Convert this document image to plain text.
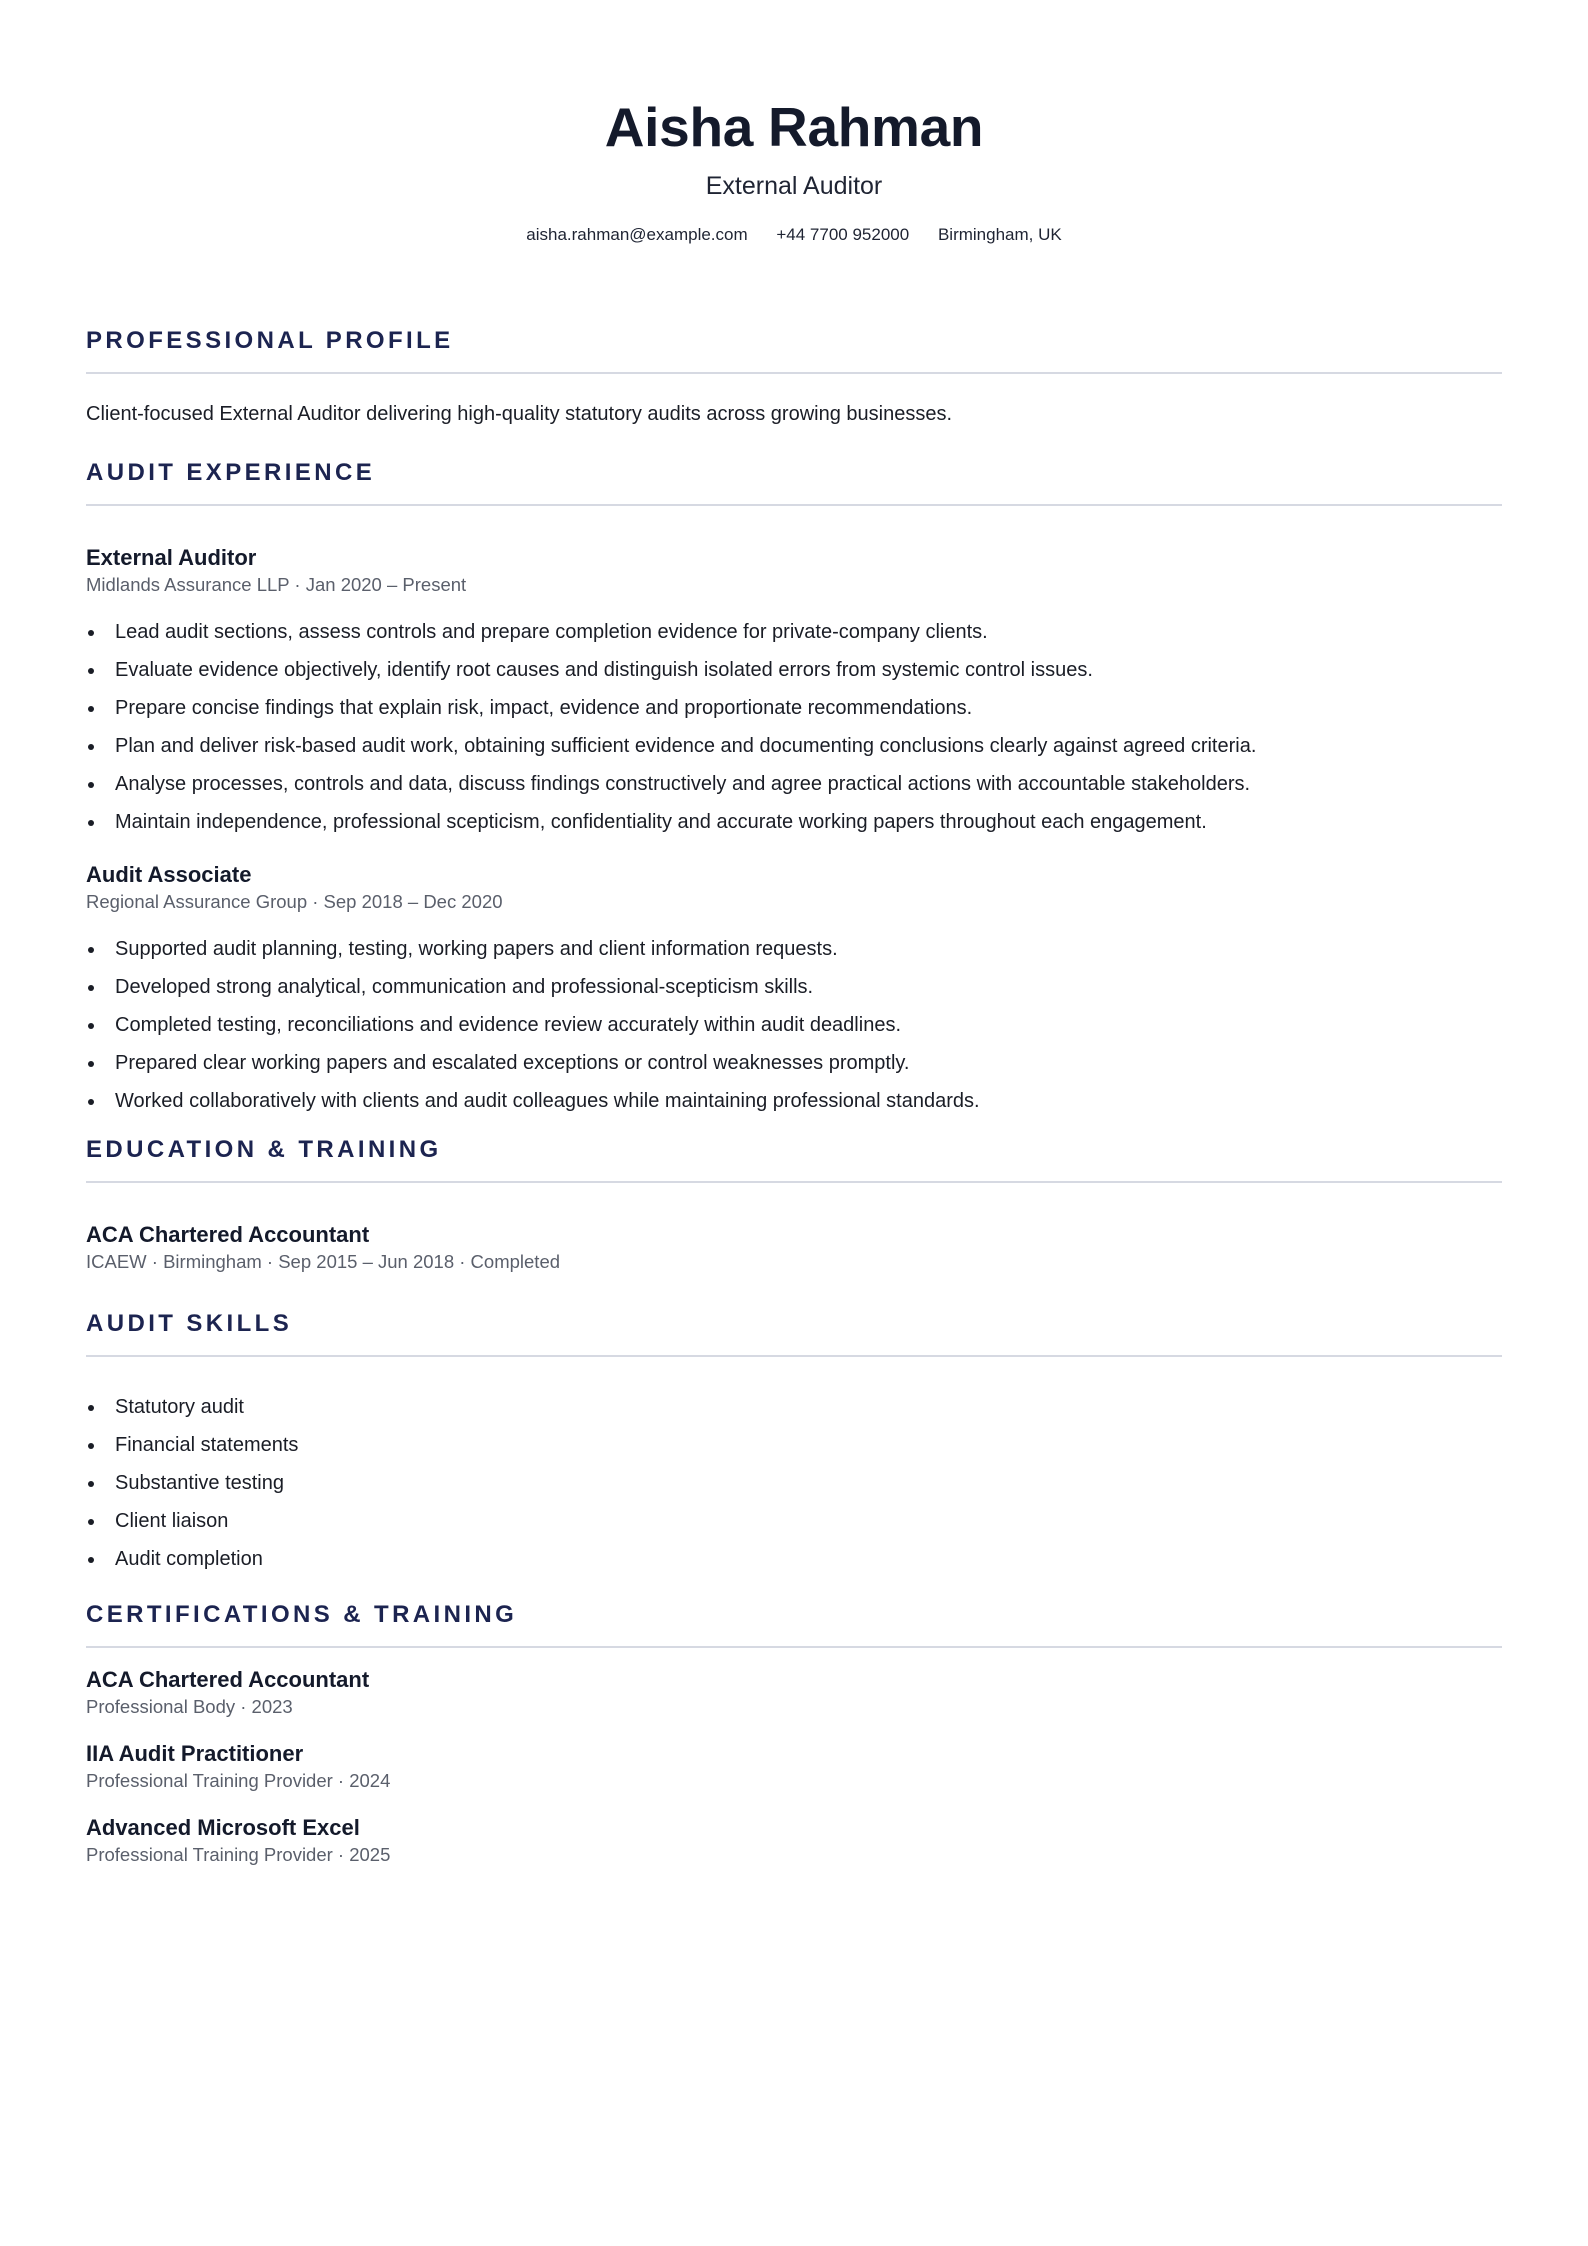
Aisha Rahman
External Auditor
aisha.rahman@example.com +44 7700 952000 Birmingham, UK
PROFESSIONAL PROFILE
Client-focused External Auditor delivering high-quality statutory audits across growing businesses.
AUDIT EXPERIENCE
External Auditor
Midlands Assurance LLP · Jan 2020 – Present
Lead audit sections, assess controls and prepare completion evidence for private-company clients.
Evaluate evidence objectively, identify root causes and distinguish isolated errors from systemic control issues.
Prepare concise findings that explain risk, impact, evidence and proportionate recommendations.
Plan and deliver risk-based audit work, obtaining sufficient evidence and documenting conclusions clearly against agreed criteria.
Analyse processes, controls and data, discuss findings constructively and agree practical actions with accountable stakeholders.
Maintain independence, professional scepticism, confidentiality and accurate working papers throughout each engagement.
Audit Associate
Regional Assurance Group · Sep 2018 – Dec 2020
Supported audit planning, testing, working papers and client information requests.
Developed strong analytical, communication and professional-scepticism skills.
Completed testing, reconciliations and evidence review accurately within audit deadlines.
Prepared clear working papers and escalated exceptions or control weaknesses promptly.
Worked collaboratively with clients and audit colleagues while maintaining professional standards.
EDUCATION & TRAINING
ACA Chartered Accountant
ICAEW · Birmingham · Sep 2015 – Jun 2018 · Completed
AUDIT SKILLS
Statutory audit
Financial statements
Substantive testing
Client liaison
Audit completion
CERTIFICATIONS & TRAINING
ACA Chartered Accountant
Professional Body · 2023
IIA Audit Practitioner
Professional Training Provider · 2024
Advanced Microsoft Excel
Professional Training Provider · 2025
